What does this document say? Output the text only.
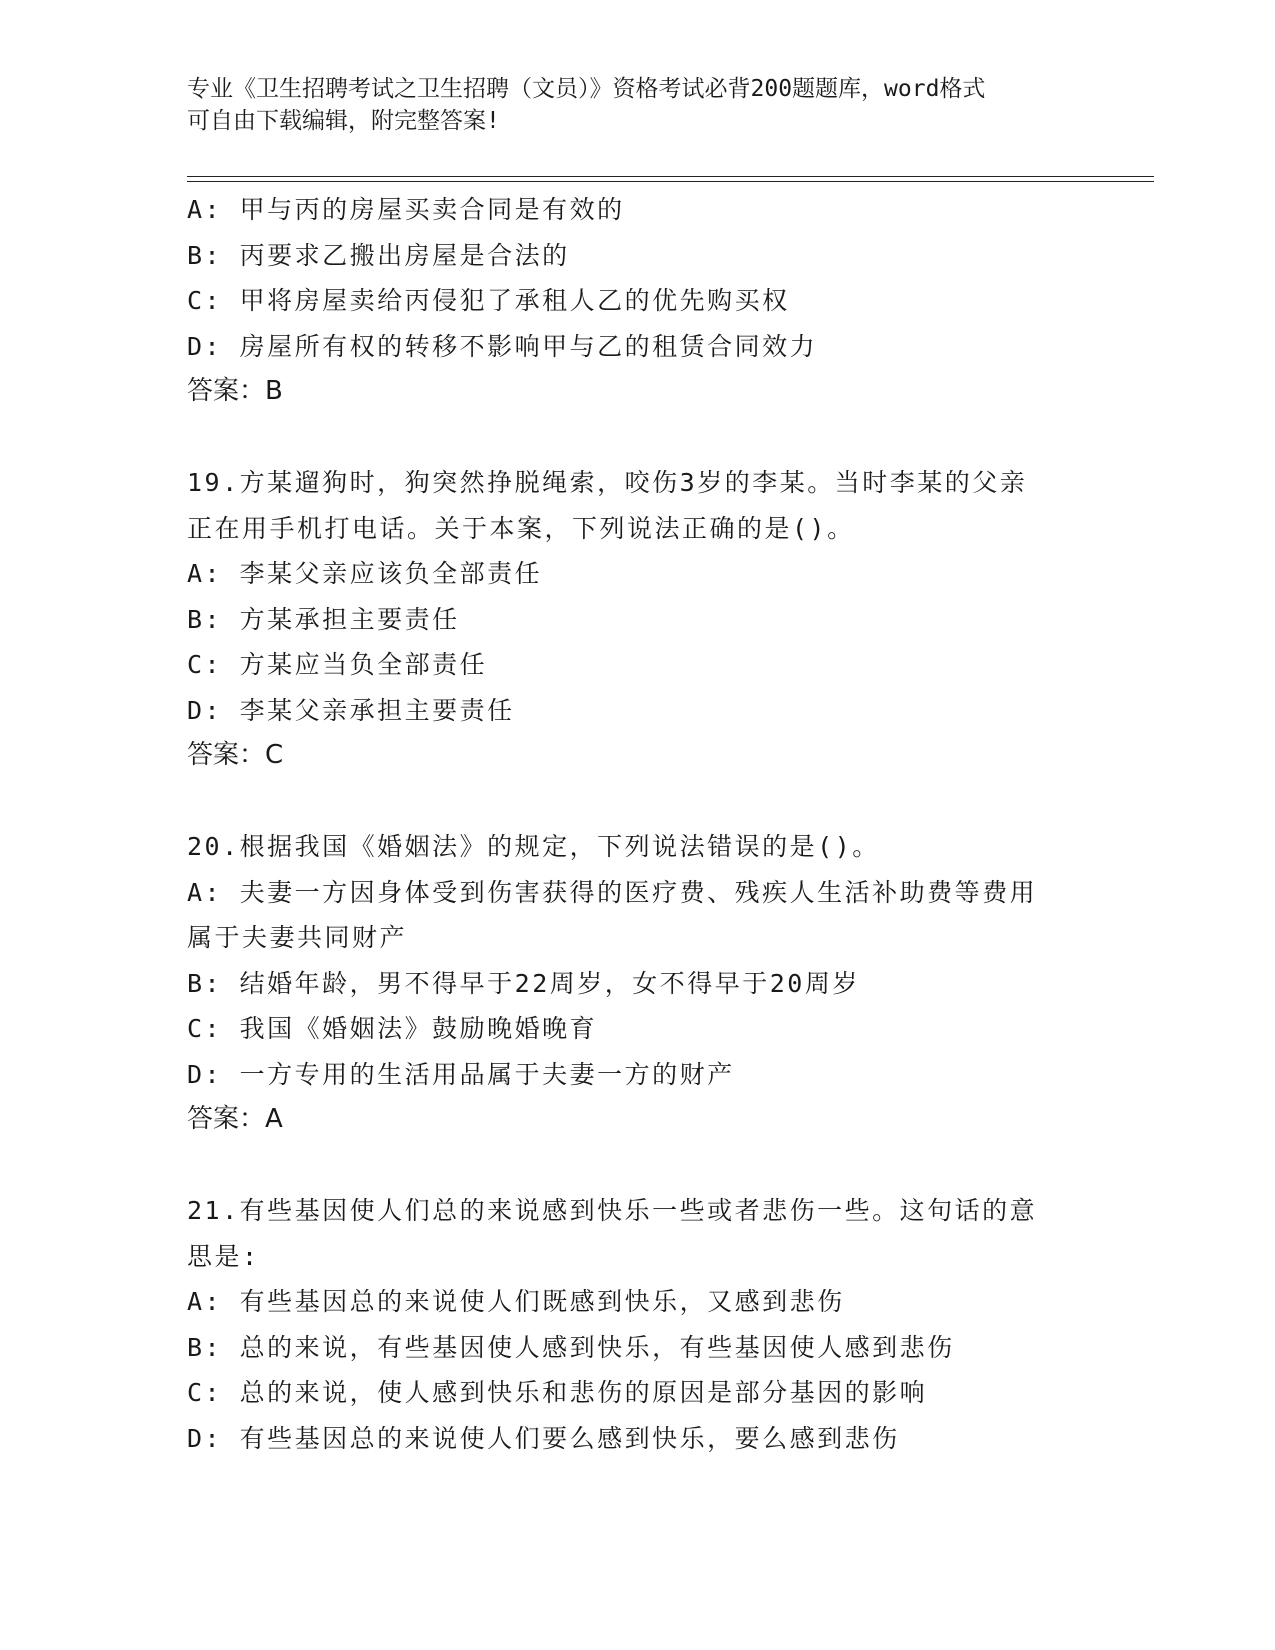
专业《卫生招聘考试之卫生招聘（文员）》资格考试必背200题题库，word格式
可自由下载编辑，附完整答案!
A: 甲与丙的房屋买卖合同是有效的
B: 丙要求乙搬出房屋是合法的
C: 甲将房屋卖给丙侵犯了承租人乙的优先购买权
D: 房屋所有权的转移不影响甲与乙的租赁合同效力
答案：B
19.方某遛狗时，狗突然挣脱绳索，咬伤3岁的李某。当时李某的父亲
正在用手机打电话。关于本案，下列说法正确的是()。
A: 李某父亲应该负全部责任
B: 方某承担主要责任
C: 方某应当负全部责任
D: 李某父亲承担主要责任
答案：C
20.根据我国《婚姻法》的规定，下列说法错误的是()。
A: 夫妻一方因身体受到伤害获得的医疗费、残疾人生活补助费等费用
属于夫妻共同财产
B: 结婚年龄，男不得早于22周岁，女不得早于20周岁
C: 我国《婚姻法》鼓励晚婚晚育
D: 一方专用的生活用品属于夫妻一方的财产
答案：A
21.有些基因使人们总的来说感到快乐一些或者悲伤一些。这句话的意
思是:
A: 有些基因总的来说使人们既感到快乐，又感到悲伤
B: 总的来说，有些基因使人感到快乐，有些基因使人感到悲伤
C: 总的来说，使人感到快乐和悲伤的原因是部分基因的影响
D: 有些基因总的来说使人们要么感到快乐，要么感到悲伤
